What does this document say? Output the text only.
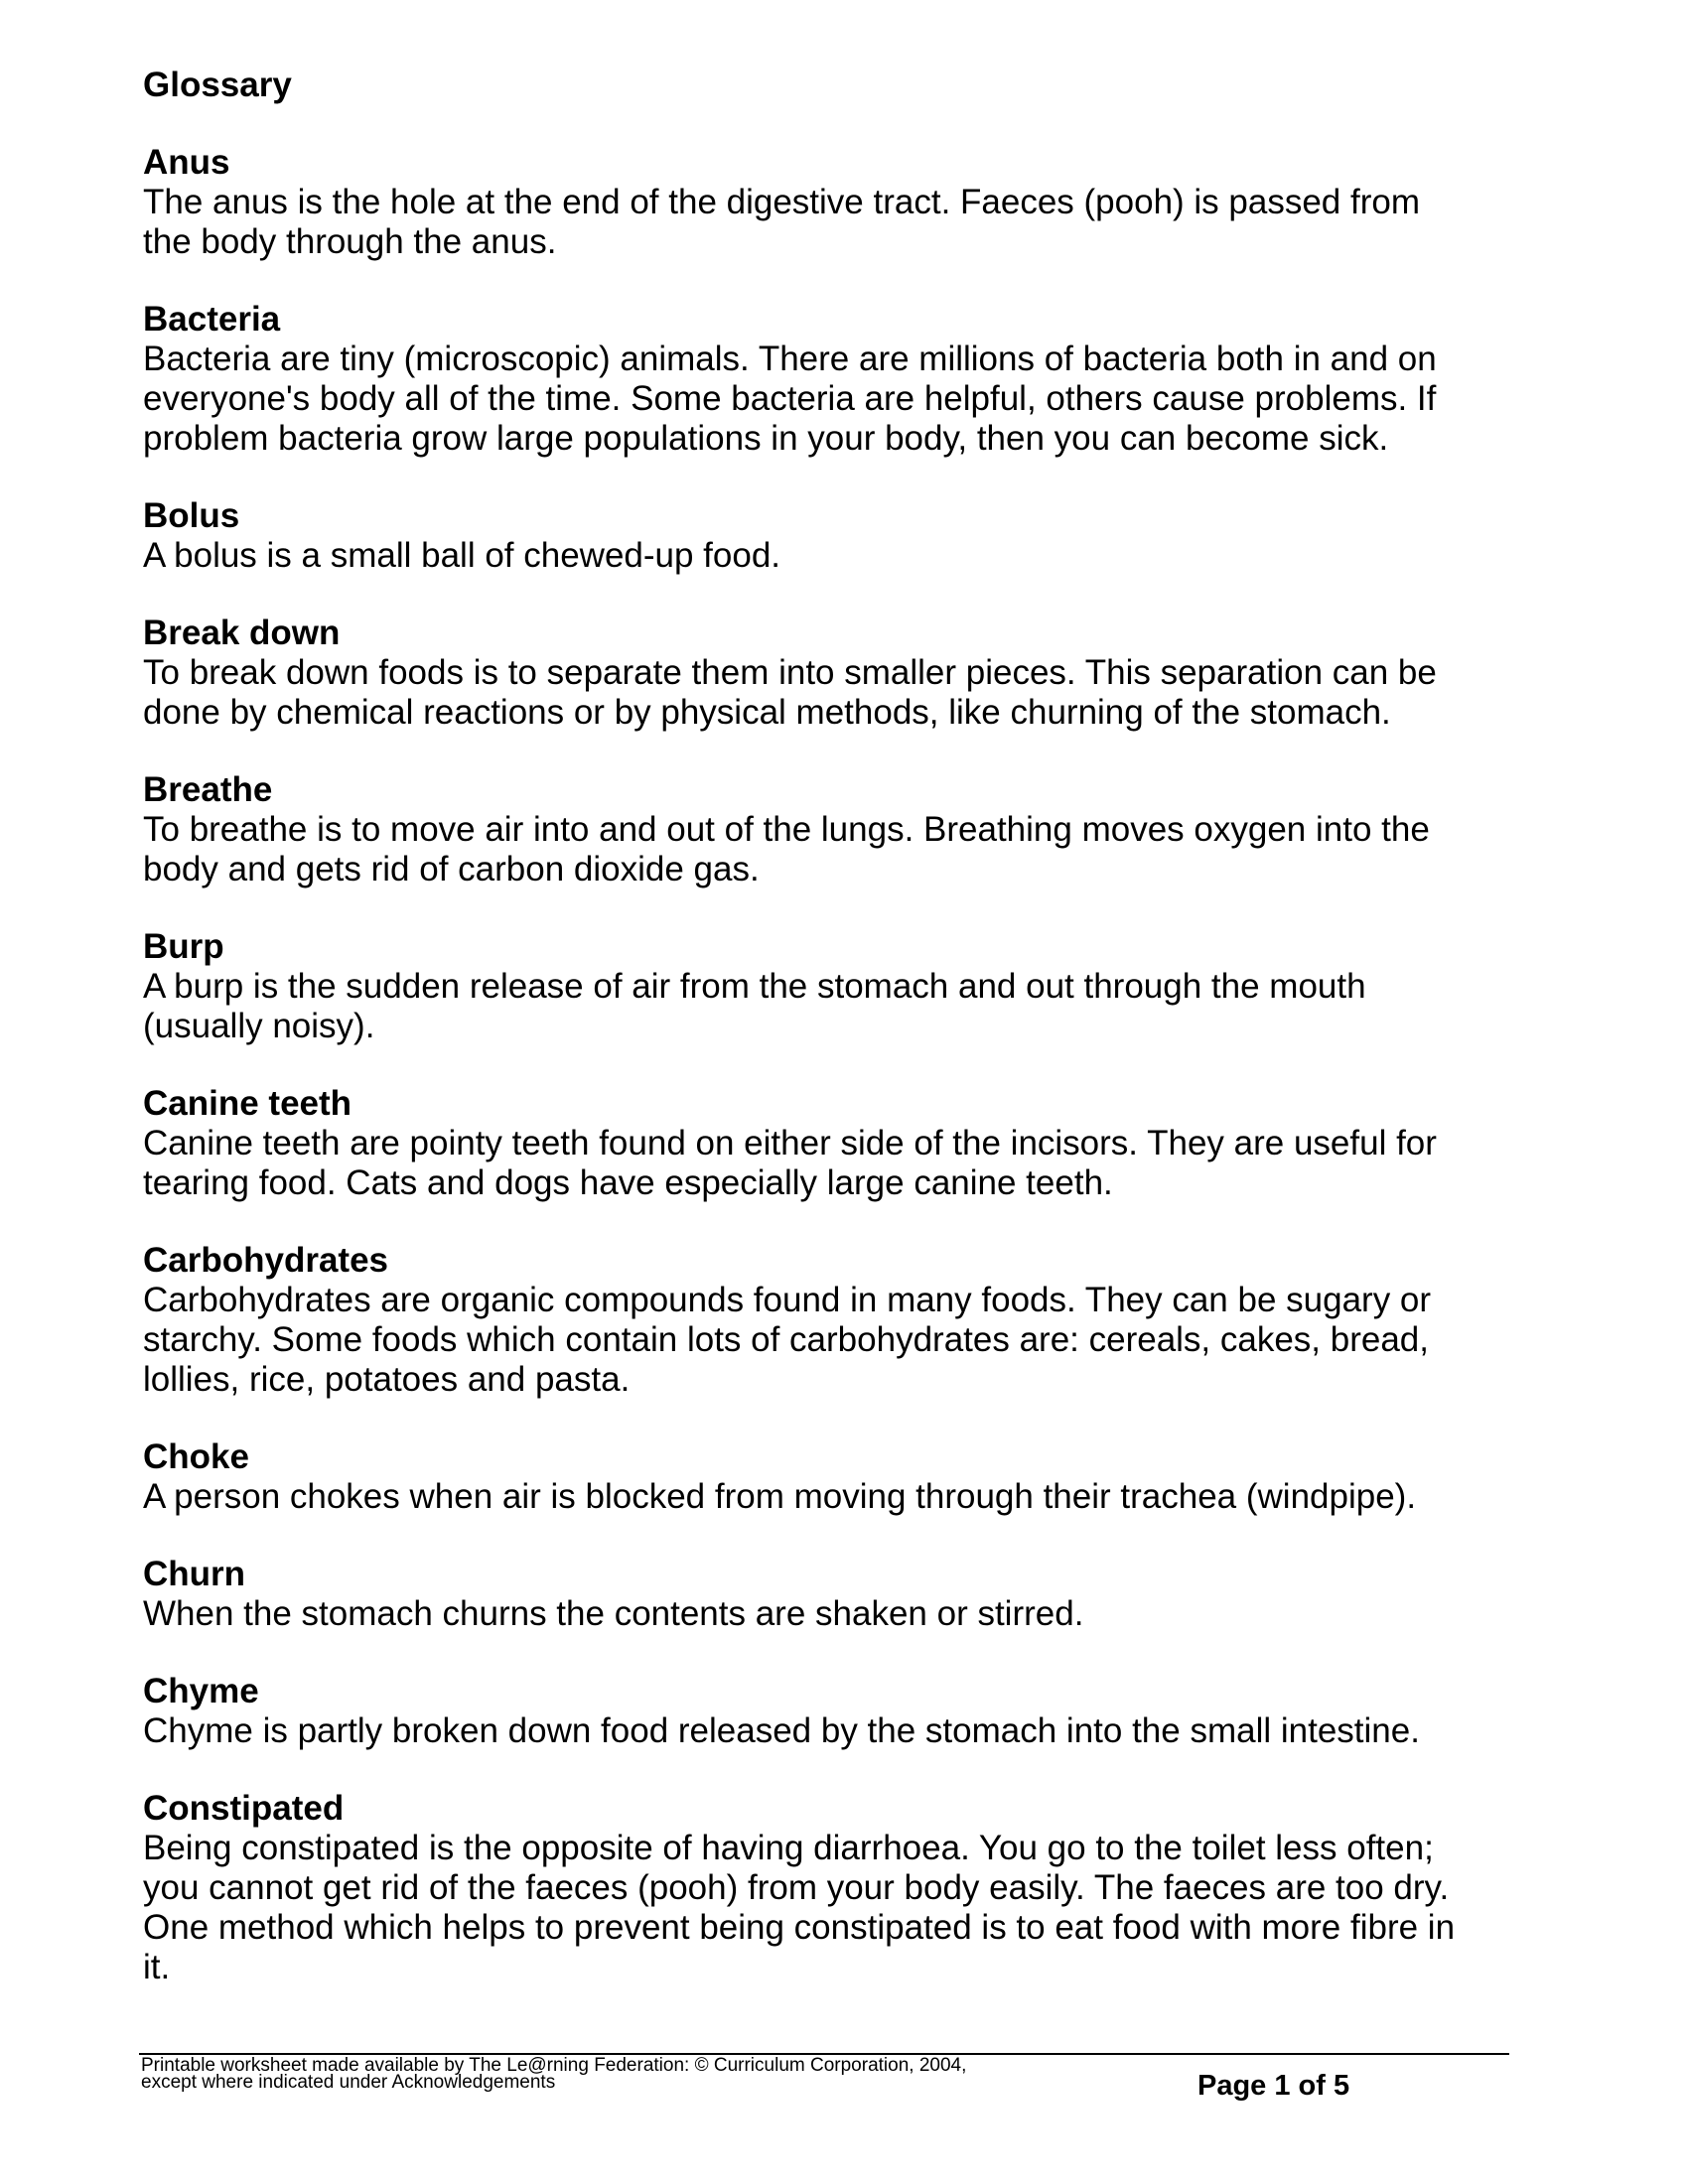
Glossary

Anus

The anus is the hole at the end of the digestive tract. Faeces (pooh) is passed from
the body through the anus.

Bacteria

Bacteria are tiny (microscopic) animals. There are millions of bacteria both in and on
everyone's body all of the time. Some bacteria are helpful, others cause problems. If
problem bacteria grow large populations in your body, then you can become sick.

Bolus

A bolus is a small ball of chewed-up food.

Break down

To break down foods is to separate them into smaller pieces. This separation can be
done by chemical reactions or by physical methods, like churning of the stomach.

Breathe

To breathe is to move air into and out of the lungs. Breathing moves oxygen into the
body and gets rid of carbon dioxide gas.

Burp

A burp is the sudden release of air from the stomach and out through the mouth
(usually noisy).

Canine teeth

Canine teeth are pointy teeth found on either side of the incisors. They are useful for
tearing food. Cats and dogs have especially large canine teeth.

Carbohydrates

Carbohydrates are organic compounds found in many foods. They can be sugary or
starchy. Some foods which contain lots of carbohydrates are: cereals, cakes, bread,
lollies, rice, potatoes and pasta.

Choke

A person chokes when air is blocked from moving through their trachea (windpipe).

Churn

When the stomach churns the contents are shaken or stirred.

Chyme

Chyme is partly broken down food released by the stomach into the small intestine.

Constipated

Being constipated is the opposite of having diarrhoea. You go to the toilet less often;
you cannot get rid of the faeces (pooh) from your body easily. The faeces are too dry.
One method which helps to prevent being constipated is to eat food with more fibre in
it.

Printable worksheet made available by The Le@rning Federation: © Curriculum Corporation, 2004,
except where indicated under Acknowledgements	Page 1 of 5
